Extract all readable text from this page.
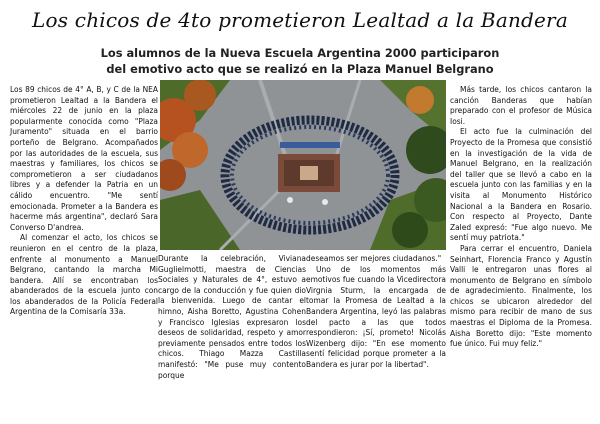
Los chicos de 4to prometieron Lealtad a la Bandera
Los alumnos de la Nueva Escuela Argentina 2000 participaron del emotivo acto que se realizó en la Plaza Manuel Belgrano

Los 89 chicos de 4° A, B, y C de la NEA prometieron Lealtad a la Bandera el miércoles 22 de junio en la plaza popularmente conocida como "Plaza Juramento" situada en el barrio porteño de Belgrano. Acompañados por las autoridades de la escuela, sus maestras y familiares, los chicos se comprometieron a ser ciudadanos libres y a defender la Patria en un cálido encuentro. "Me sentí emocionada. Prometer a la Bandera es hacerme más argentina", declaró Sara Converso D'andrea.

Al comenzar el acto, los chicos se reunieron en el centro de la plaza, enfrente al monumento a Manuel Belgrano, cantando la marcha Mi bandera. Allí se encontraban los abanderados de la escuela junto con los abanderados de la Policía Federal Argentina de la Comisaría 33a.

Durante la celebración, Viviana Guglielmotti, maestra de Ciencias Sociales y Naturales de 4°, estuvo a cargo de la conducción y fue quien dio la bienvenida. Luego de cantar el himno, Aisha Boretto, Agustina Cohen y Francisco Iglesias expresaron los deseos de solidaridad, respeto y amor previamente pensados entre todos los chicos. Thiago Mazza Castilla manifestó: "Me puse muy contento porque

deseamos ser mejores ciudadanos."

Uno de los momentos más emotivos fue cuando la Vicedirectora Virgnia Sturm, la encargada de tomar la Promesa de Lealtad a la Bandera Argentina, leyó las palabras del pacto a las que todos respondieron: ¡Sí, prometo! Nicolás Wizenberg dijo: "En ese momento sentí felicidad porque prometer a la Bandera es jurar por la libertad".

Más tarde, los chicos cantaron la canción Banderas que habían preparado con el profesor de Música Iosi.

El acto fue la culminación del Proyecto de la Promesa que consistió en la investigación de la vida de Manuel Belgrano, en la realización del taller que se llevó a cabo en la escuela junto con las familias y en la visita al Monumento Histórico Nacional a la Bandera en Rosario. Con respecto al Proyecto, Dante Zaled expresó: "Fue algo nuevo. Me sentí muy patriota."

Para cerrar el encuentro, Daniela Seinhart, Florencia Franco y Agustín Valli le entregaron unas flores al monumento de Belgrano en símbolo de agradecimiento. Finalmente, los chicos se ubicaron alrededor del mismo para recibir de mano de sus maestras el Diploma de la Promesa. Aisha Boretto dijo: "Este momento fue único. Fui muy feliz."
